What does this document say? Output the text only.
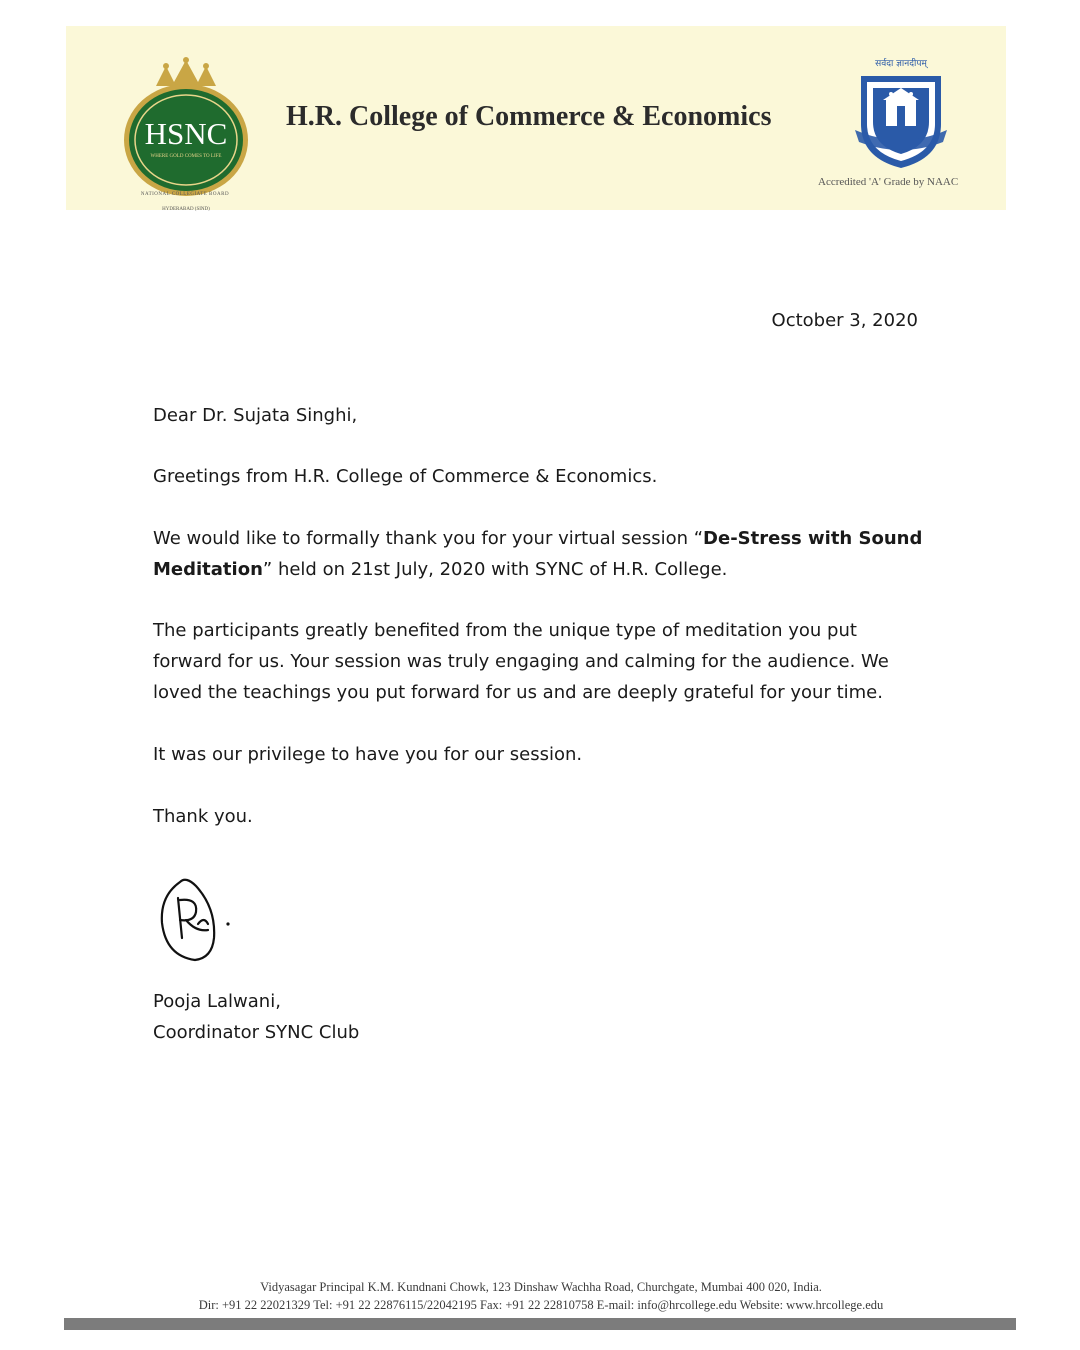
HSNC
WHERE GOLD COMES TO LIFE
HYDERABAD (SIND)
NATIONAL COLLEGIATE BOARD
H.R. College of Commerce & Economics
सर्वदा ज्ञानदीपम्
Accredited 'A' Grade by NAAC
October 3, 2020

Dear Dr. Sujata Singhi,

Greetings from H.R. College of Commerce & Economics.

We would like to formally thank you for your virtual session “De-Stress with Sound Meditation” held on 21st July, 2020 with SYNC of H.R. College.

The participants greatly benefited from the unique type of meditation you put forward for us. Your session was truly engaging and calming for the audience. We loved the teachings you put forward for us and are deeply grateful for your time.

It was our privilege to have you for our session.

Thank you.

Pooja Lalwani,

Coordinator SYNC Club

Vidyasagar Principal K.M. Kundnani Chowk, 123 Dinshaw Wachha Road, Churchgate, Mumbai 400 020, India.
Dir: +91 22 22021329 Tel: +91 22 22876115/22042195 Fax: +91 22 22810758 E-mail: info@hrcollege.edu Website: www.hrcollege.edu
